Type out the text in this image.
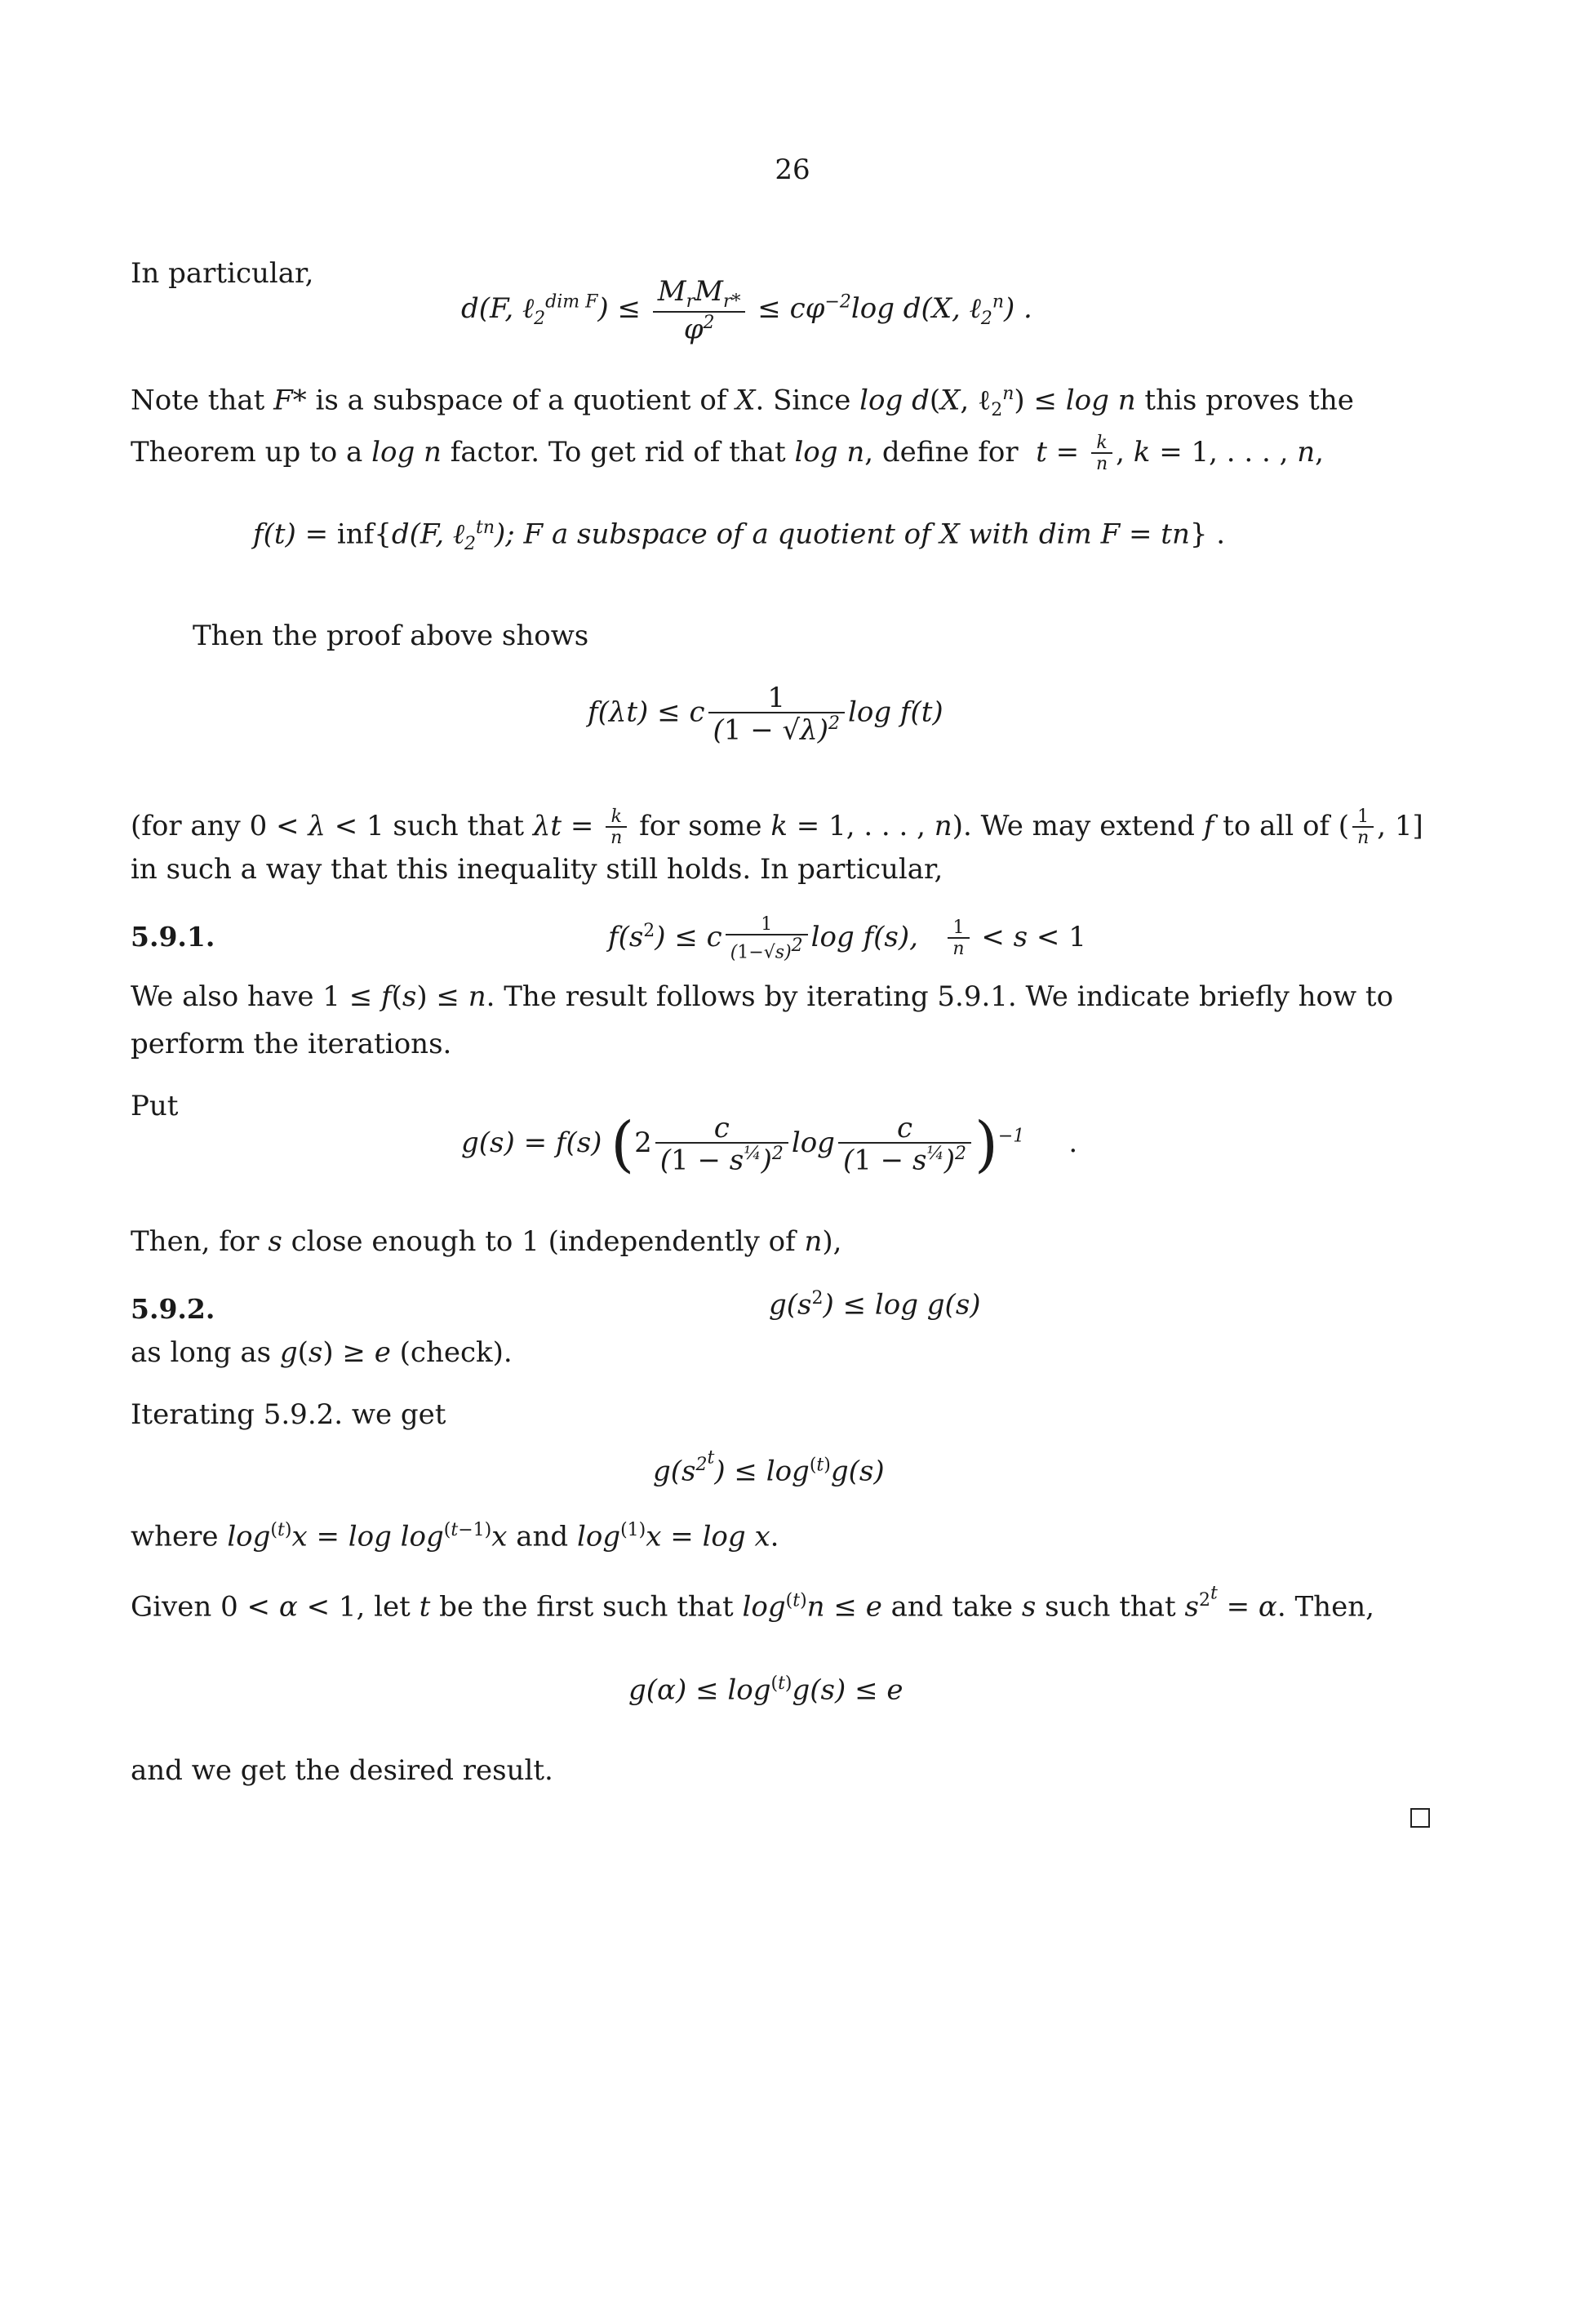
26
In particular,
d(F, ℓ$_2^{dim F}$) ≤ $\frac{M_rM_{r*}}{\varphi^2} \le c\varphi^{-2}\log$ d(X, ℓ$_2^n$) .
Note that F* is a subspace of a quotient of X. Since log d(X, ℓ$_2^n$) ≤ log n this proves the
Theorem up to a log n factor. To get rid of that log n, define for $t = \frac{k}{n}$ , k = 1, . . . , n,
f(t) = inf{d(F, ℓ$_2^{tn}$); F a subspace of a quotient of X with dim F = tn} .
Then the proof above shows
f(λt) ≤ c $\frac{1}{(1 - √\lambda)^2}$ log f(t)
(for any 0 < λ < 1 such that $\lambda t = \frac{k}{n}$ for some k = 1, . . . , n). We may extend f to all of ( $\frac{1}{n}$ , 1]
in such a way that this inequality still holds. In particular,
5.9.1.	$f(s^2) \le c \frac{1}{(1-√s)^2}$ log f(s), $\frac{1}{n} < s < 1$
We also have 1 ≤ f(s) ≤ n. The result follows by iterating 5.9.1. We indicate briefly how to
perform the iterations.
Put
g(s) = f(s) ($2 \frac{c}{(1 - s^{\frac{1}{4}})^2}$ $\log \frac{c}{(1 - s^{\frac{1}{4}})^2} )^{-1}$ .
Then, for s close enough to 1 (independently of n),
5.9.2.	$g(s^2) \le \log g(s)$
as long as g(s) ≥ e (check).
Iterating 5.9.2. we get
$g(s^{2^t}) \le \log^{(t)}g(s)$
where $\log^{(t)}x = \log \log^{(t-1)}x$ and $\log^{(1)}x = \log x$.
Given 0 < α < 1, let t be the first such that $\log^{(t)}n \le e$ and take s such that $s^{2^t} = \alpha$. Then,
$g(\alpha) \le \log^{(t)}g(s) \le e$
and we get the desired result.
